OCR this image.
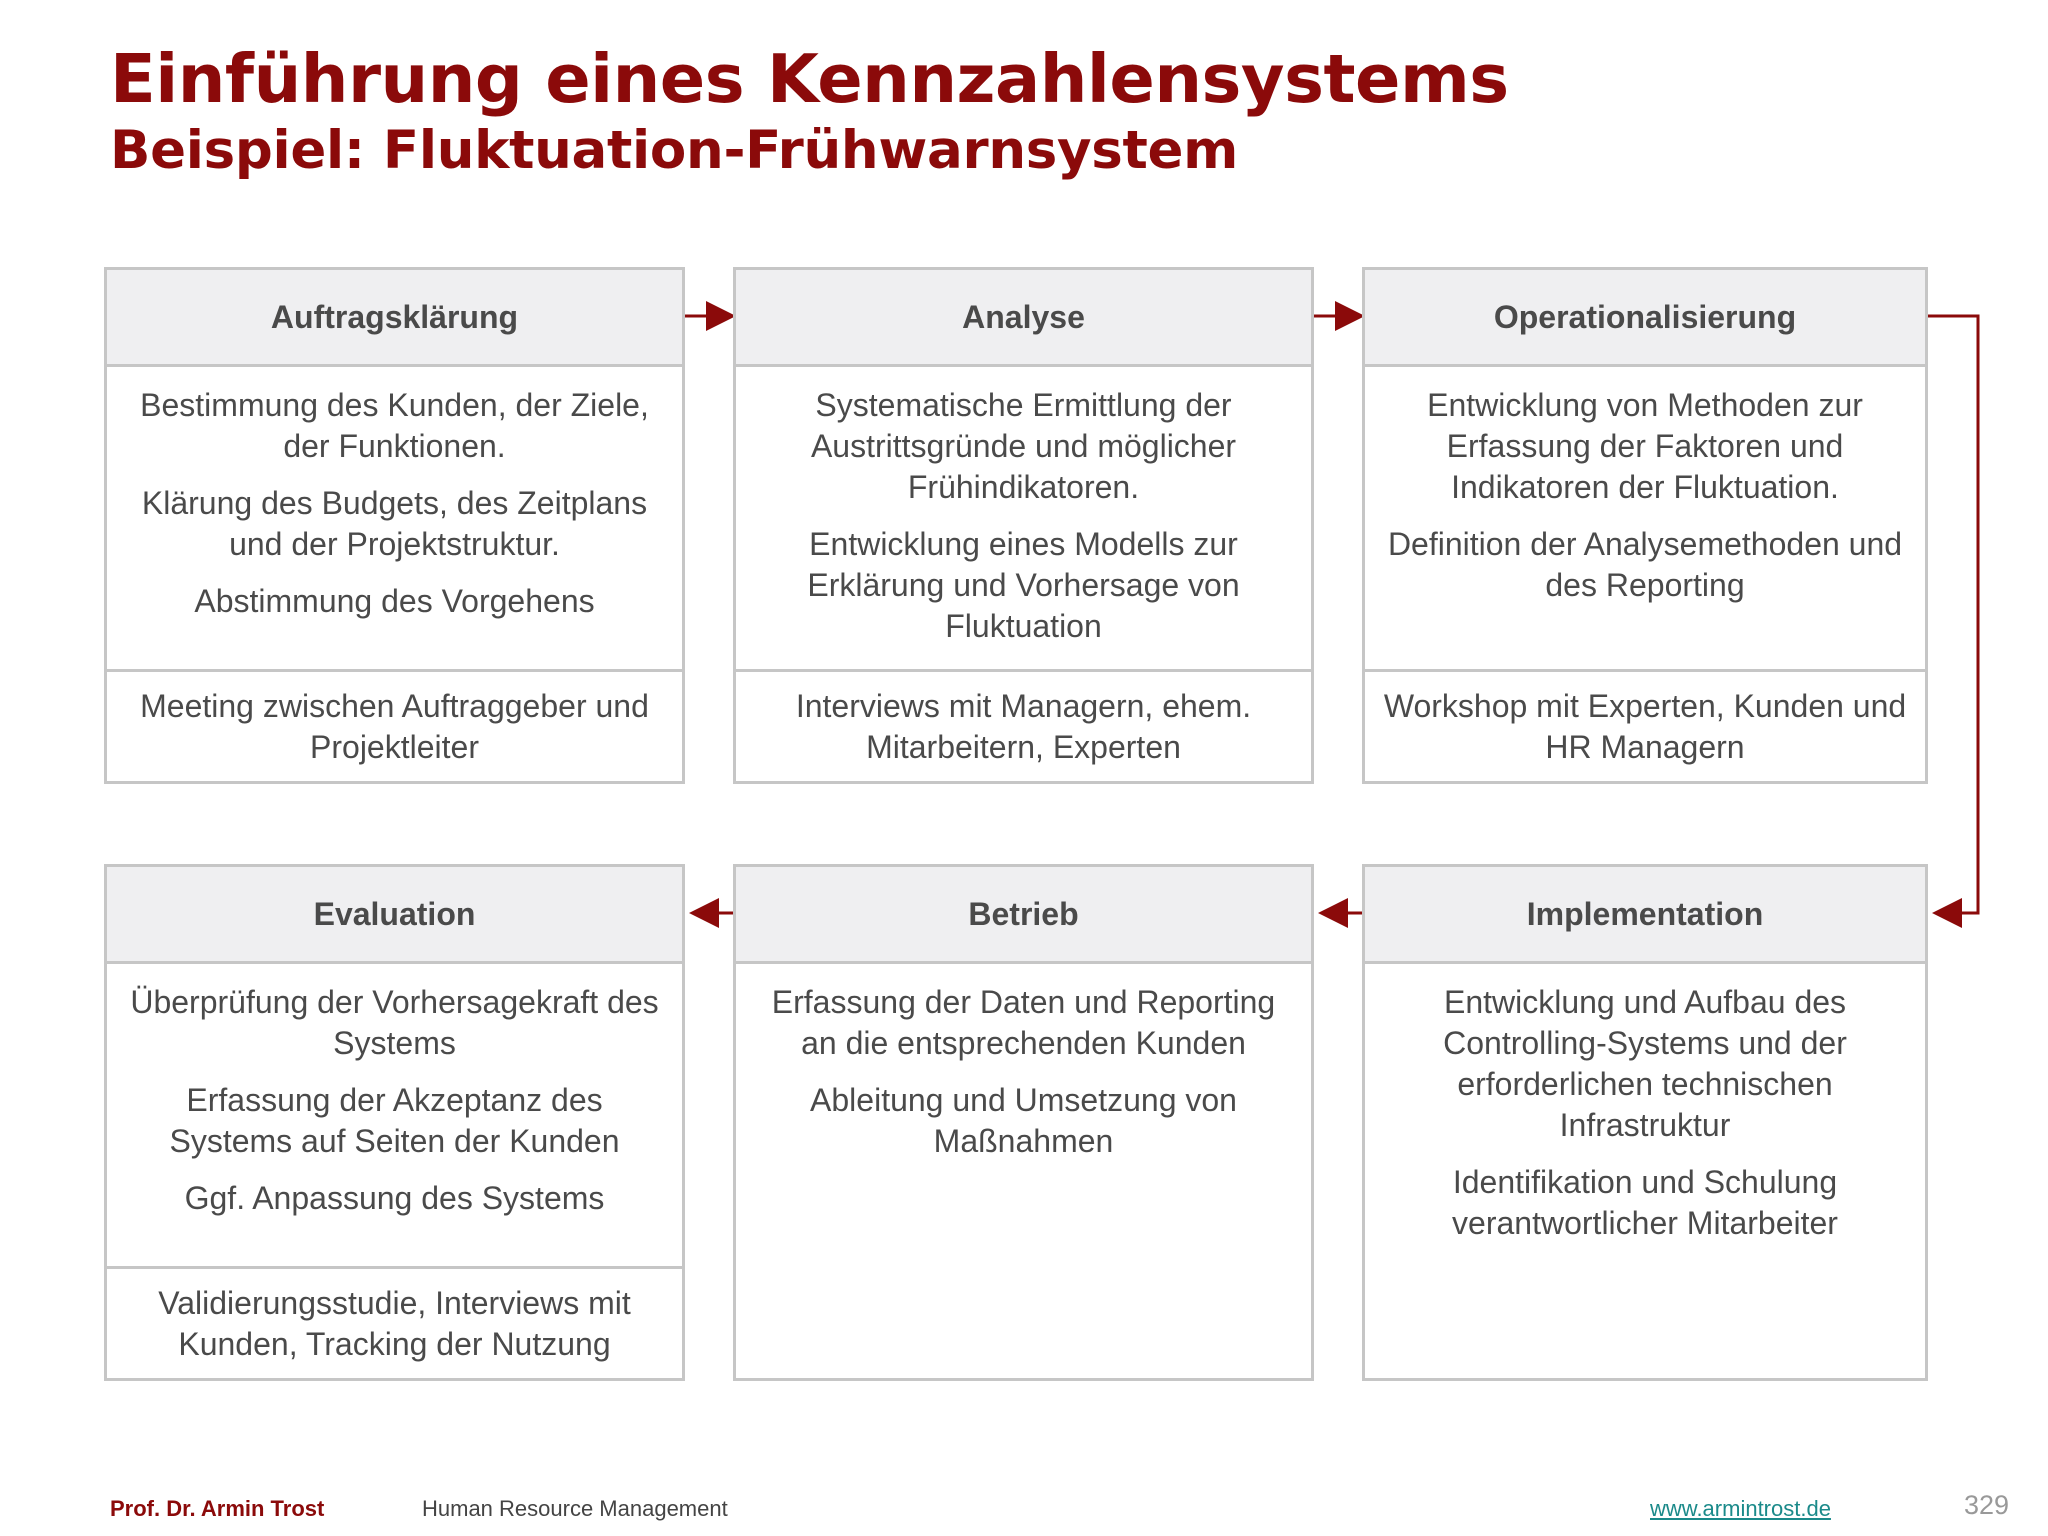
Einführung eines Kennzahlensystems
Beispiel: Fluktuation-Frühwarnsystem
Auftragsklärung

Bestimmung des Kunden, der Ziele, der Funktionen.

Klärung des Budgets, des Zeitplans und der Projektstruktur.

Abstimmung des Vorgehens

Meeting zwischen Auftraggeber und Projektleiter
Analyse

Systematische Ermittlung der Austrittsgründe und möglicher Frühindikatoren.

Entwicklung eines Modells zur Erklärung und Vorhersage von Fluktuation

Interviews mit Managern, ehem. Mitarbeitern, Experten
Operationalisierung

Entwicklung von Methoden zur Erfassung der Faktoren und Indikatoren der Fluktuation.

Definition der Analysemethoden und des Reporting

Workshop mit Experten, Kunden und HR Managern
Evaluation

Überprüfung der Vorhersagekraft des Systems

Erfassung der Akzeptanz des Systems auf Seiten der Kunden

Ggf. Anpassung des Systems

Validierungsstudie, Interviews mit Kunden, Tracking der Nutzung
Betrieb

Erfassung der Daten und Reporting an die entsprechenden Kunden

Ableitung und Umsetzung von Maßnahmen

Implementation

Entwicklung und Aufbau des Controlling-Systems und der erforderlichen technischen Infrastruktur

Identifikation und Schulung verantwortlicher Mitarbeiter

Prof. Dr. Armin Trost	Human Resource Management	www.armintrost.de	329
